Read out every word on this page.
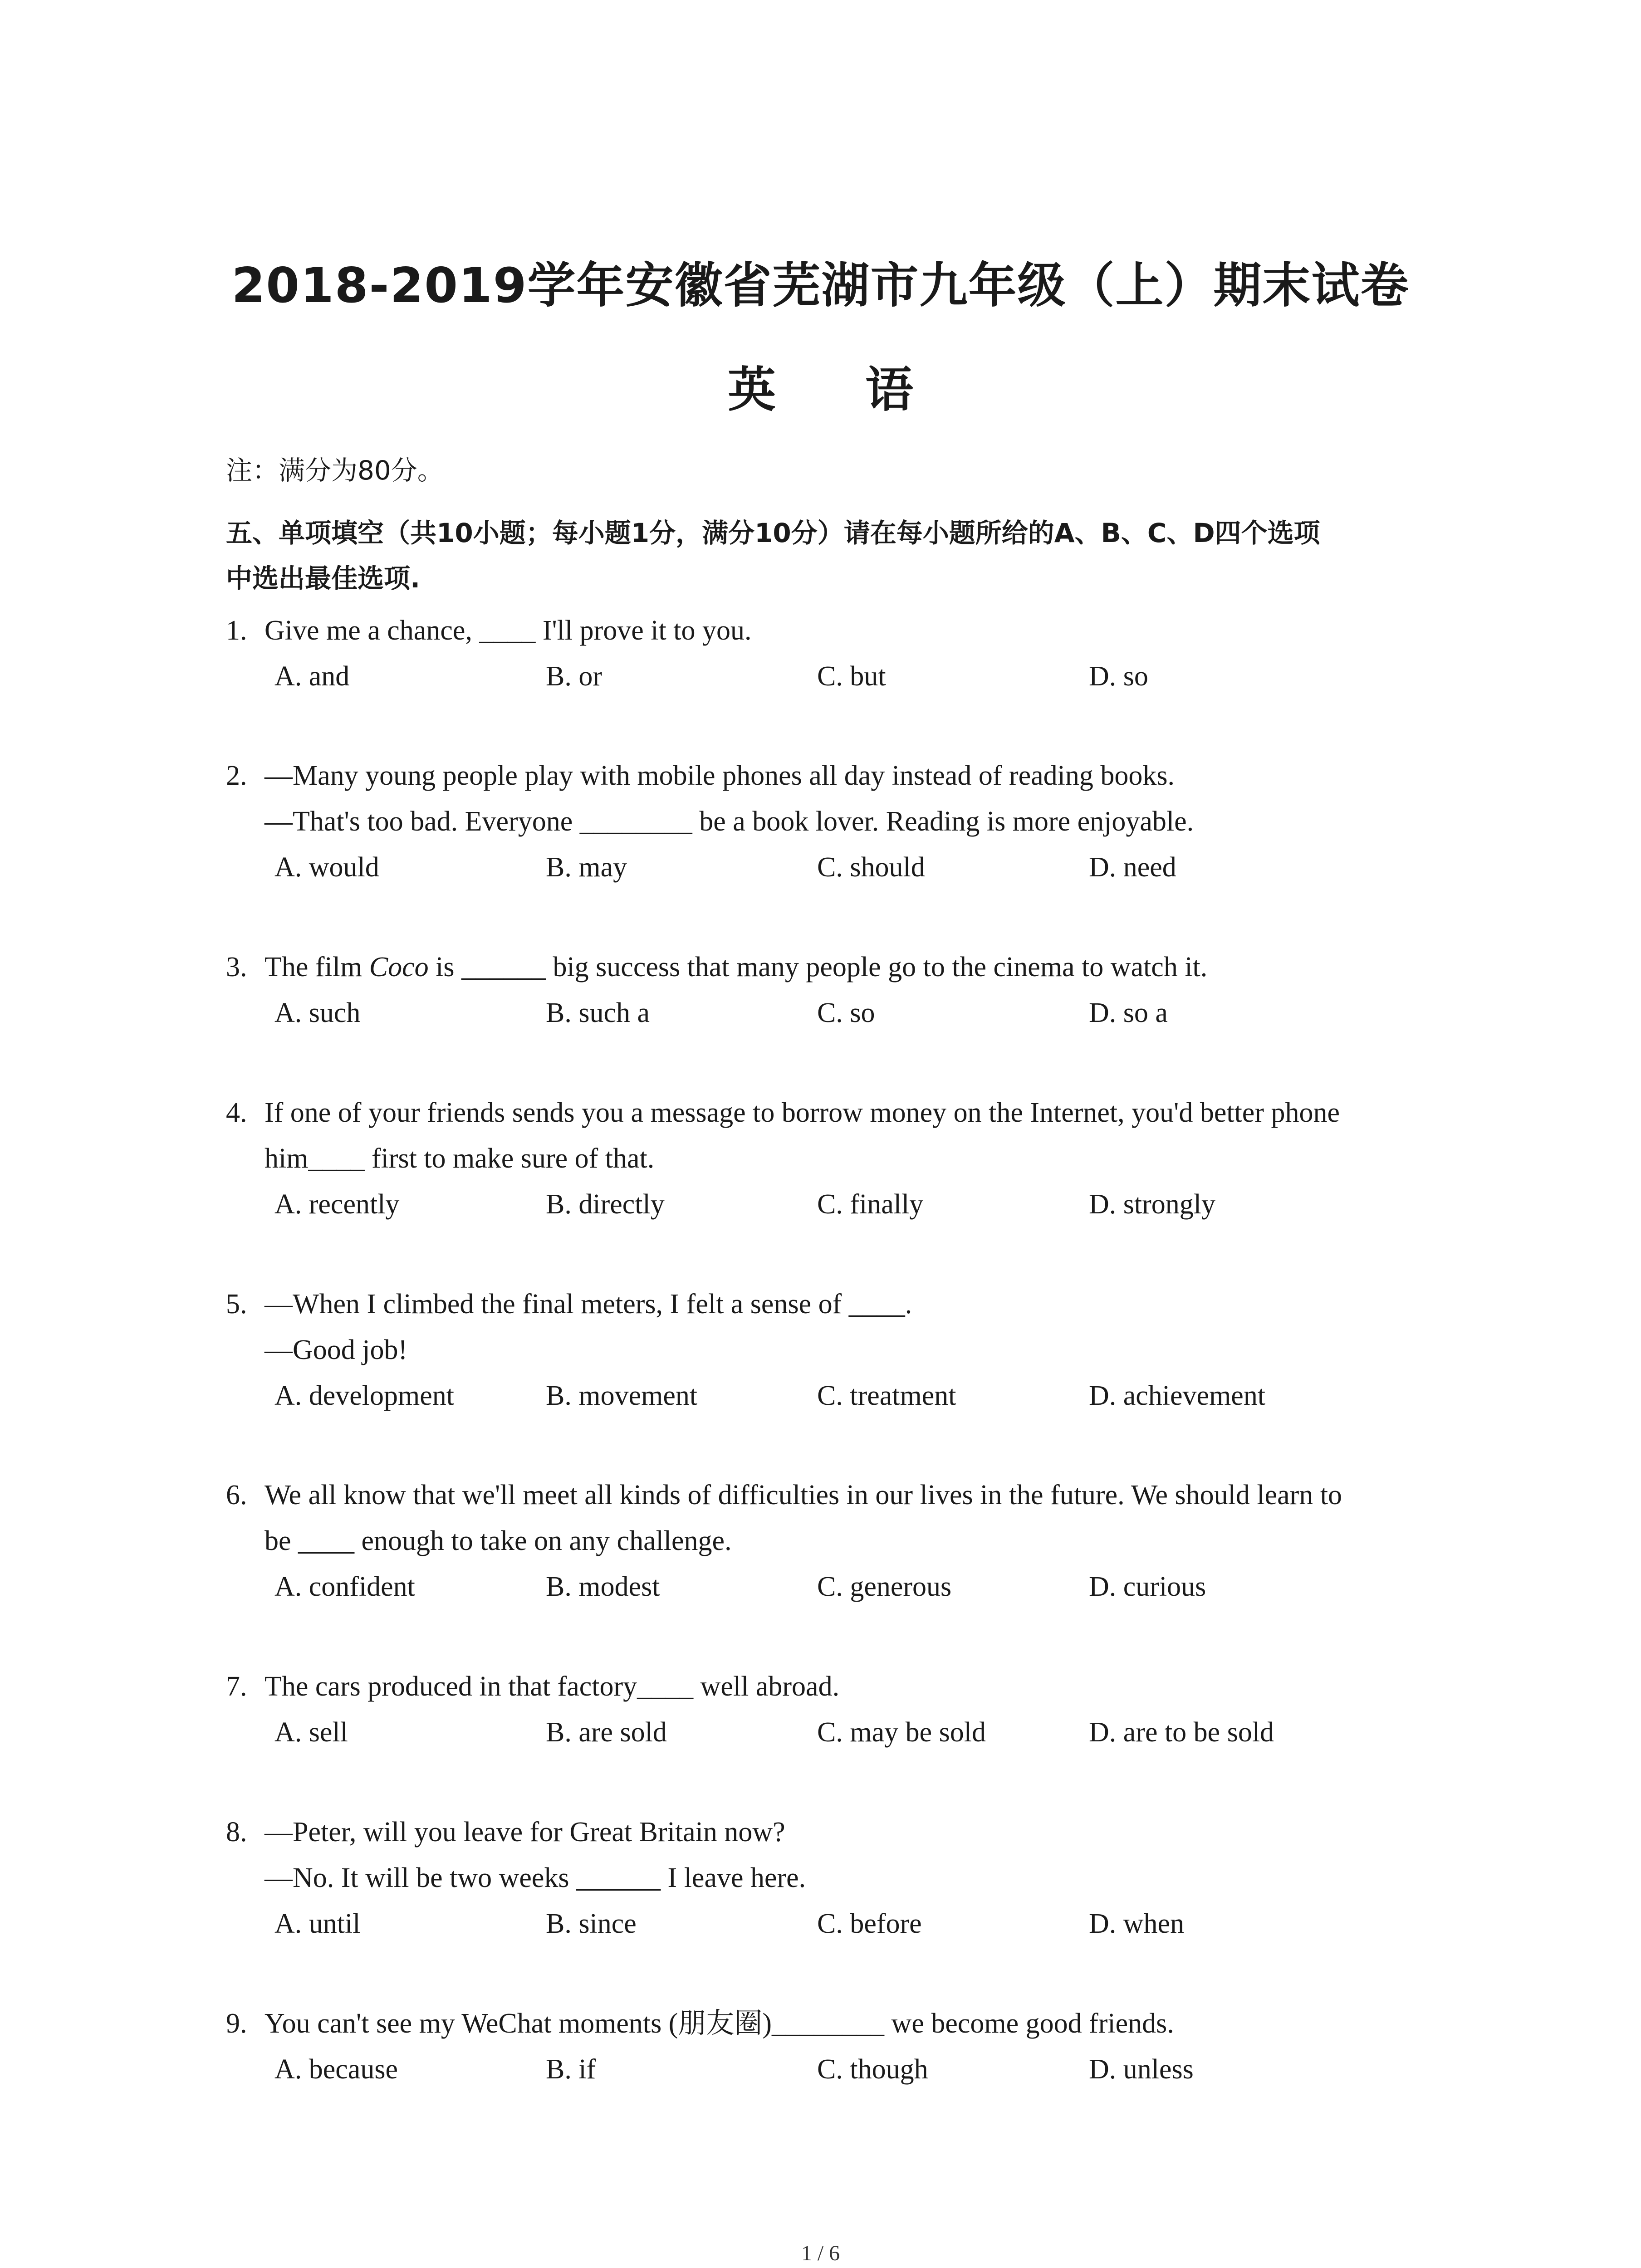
2018-2019学年安徽省芜湖市九年级（上）期末试卷
英 语
注：满分为80分。
五、单项填空（共10小题；每小题1分，满分10分）请在每小题所给的A、B、C、D四个选项
中选出最佳选项.
1. Give me a chance, ____ I'll prove it to you.
A. and	B. or	C. but	D. so
2. —Many young people play with mobile phones all day instead of reading books.
—That's too bad. Everyone ________ be a book lover. Reading is more enjoyable.
A. would	B. may	C. should	D. need
3. The film Coco is ______ big success that many people go to the cinema to watch it.
A. such	B. such a	C. so	D. so a
4. If one of your friends sends you a message to borrow money on the Internet, you'd better phone
him____ first to make sure of that.
A. recently	B. directly	C. finally	D. strongly
5. —When I climbed the final meters, I felt a sense of ____.
—Good job!
A. development	B. movement	C. treatment	D. achievement
6. We all know that we'll meet all kinds of difficulties in our lives in the future. We should learn to
be ____ enough to take on any challenge.
A. confident	B. modest	C. generous	D. curious
7. The cars produced in that factory____ well abroad.
A. sell	B. are sold	C. may be sold	D. are to be sold
8. —Peter, will you leave for Great Britain now?
—No. It will be two weeks ______ I leave here.
A. until	B. since	C. before	D. when
9. You can't see my WeChat moments (朋友圈)________ we become good friends.
A. because	B. if	C. though	D. unless
1 / 6
